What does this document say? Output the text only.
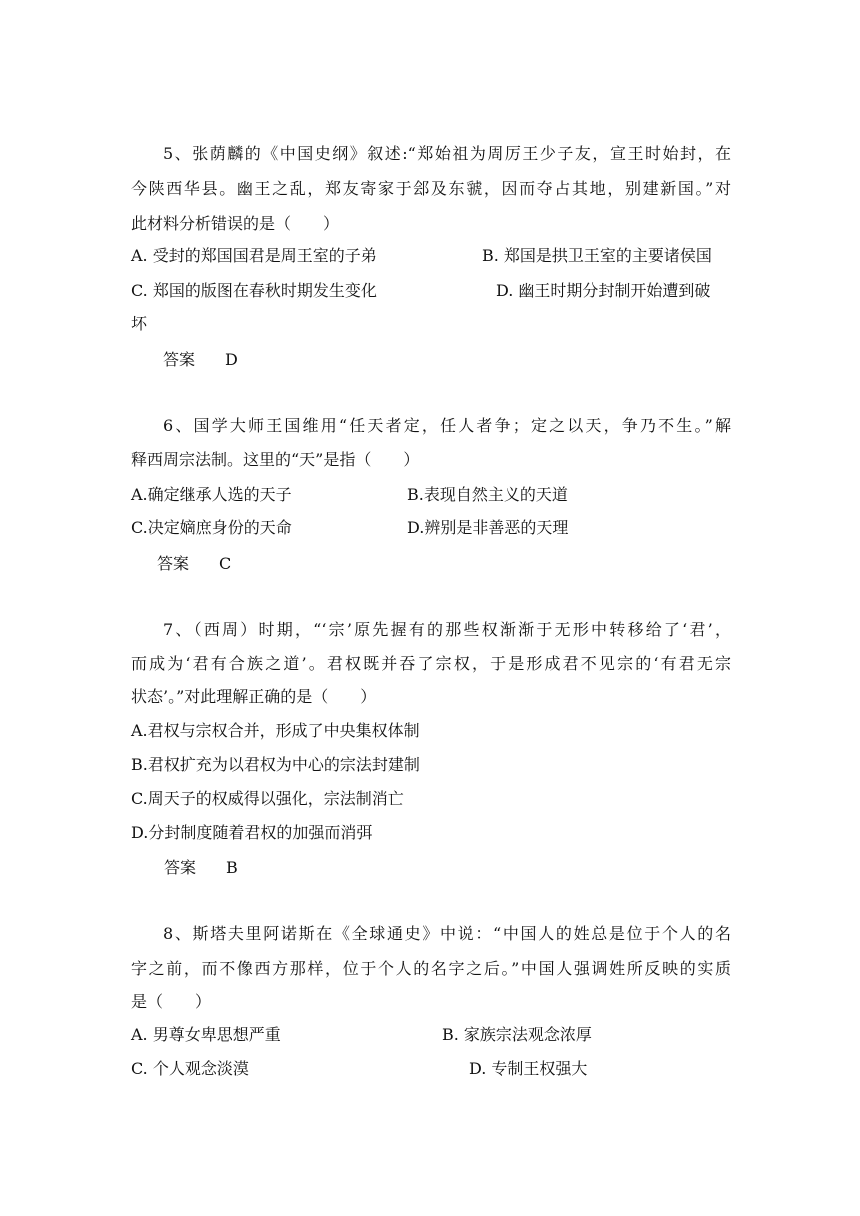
5、张荫麟的《中国史纲》叙述:“郑始祖为周厉王少子友，宣王时始封，在
今陕西华县。幽王之乱，郑友寄家于郐及东虢，因而夺占其地，别建新国。”对
此材料分析错误的是（　　）
A. 受封的郑国国君是周王室的子弟	B. 郑国是拱卫王室的主要诸侯国
C. 郑国的版图在春秋时期发生变化	D. 幽王时期分封制开始遭到破
坏
答案 D
6、国学大师王国维用“任天者定，任人者争；定之以天，争乃不生。”解
释西周宗法制。这里的“天”是指（　　）
A.确定继承人选的天子	B.表现自然主义的天道
C.决定嫡庶身份的天命	D.辨别是非善恶的天理
答案 C
7、（西周）时期，“‘宗’原先握有的那些权渐渐于无形中转移给了‘君’，
而成为‘君有合族之道’。君权既并吞了宗权，于是形成君不见宗的‘有君无宗
状态’。”对此理解正确的是（　　）
A.君权与宗权合并，形成了中央集权体制
B.君权扩充为以君权为中心的宗法封建制
C.周天子的权威得以强化，宗法制消亡
D.分封制度随着君权的加强而消弭
答案 B
8、斯塔夫里阿诺斯在《全球通史》中说：“中国人的姓总是位于个人的名
字之前，而不像西方那样，位于个人的名字之后。”中国人强调姓所反映的实质
是（　　）
A. 男尊女卑思想严重	B. 家族宗法观念浓厚
C. 个人观念淡漠	D. 专制王权强大
